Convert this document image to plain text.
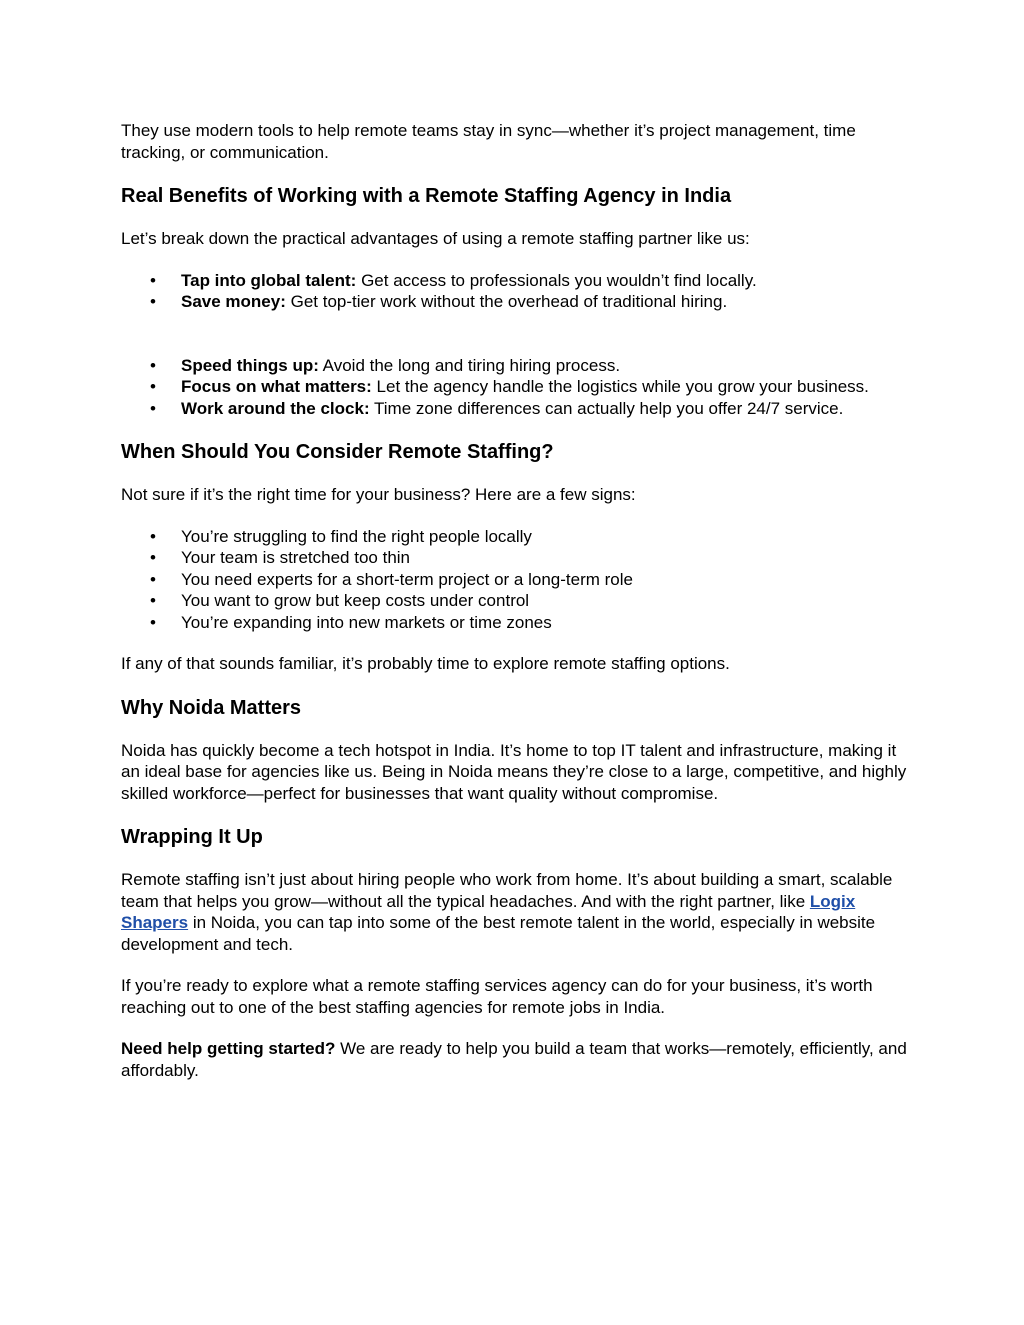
They use modern tools to help remote teams stay in sync—whether it’s project management, time tracking, or communication.

Real Benefits of Working with a Remote Staffing Agency in India

Let’s break down the practical advantages of using a remote staffing partner like us:

• Tap into global talent: Get access to professionals you wouldn’t find locally.
• Save money: Get top-tier work without the overhead of traditional hiring.
• Speed things up: Avoid the long and tiring hiring process.
• Focus on what matters: Let the agency handle the logistics while you grow your business.
• Work around the clock: Time zone differences can actually help you offer 24/7 service.
When Should You Consider Remote Staffing?

Not sure if it’s the right time for your business? Here are a few signs:

• You’re struggling to find the right people locally
• Your team is stretched too thin
• You need experts for a short-term project or a long-term role
• You want to grow but keep costs under control
• You’re expanding into new markets or time zones

If any of that sounds familiar, it’s probably time to explore remote staffing options.

Why Noida Matters

Noida has quickly become a tech hotspot in India. It’s home to top IT talent and infrastructure, making it an ideal base for agencies like us. Being in Noida means they’re close to a large, competitive, and highly skilled workforce—perfect for businesses that want quality without compromise.

Wrapping It Up

Remote staffing isn’t just about hiring people who work from home. It’s about building a smart, scalable team that helps you grow—without all the typical headaches. And with the right partner, like Logix Shapers in Noida, you can tap into some of the best remote talent in the world, especially in website development and tech.

If you’re ready to explore what a remote staffing services agency can do for your business, it’s worth reaching out to one of the best staffing agencies for remote jobs in India.

Need help getting started? We are ready to help you build a team that works—remotely, efficiently, and affordably.
